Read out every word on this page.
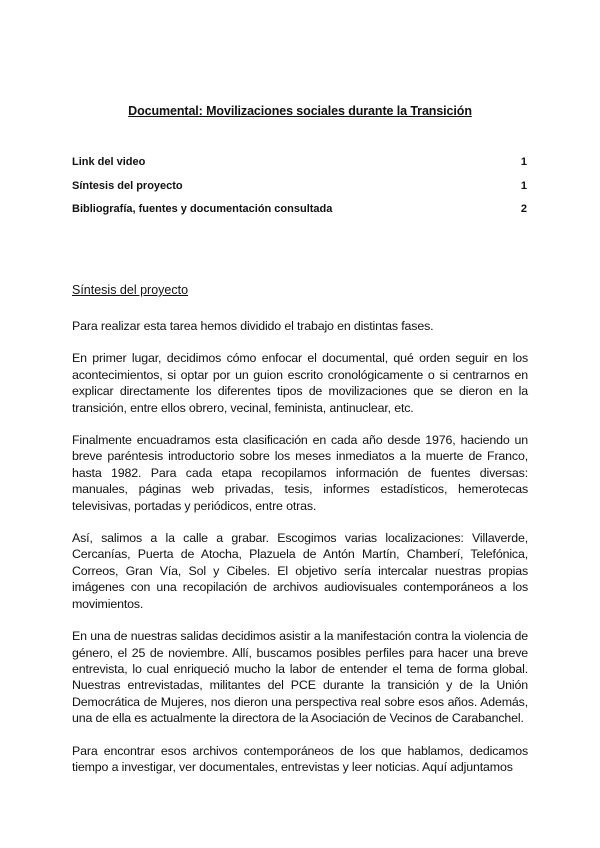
Documental: Movilizaciones sociales durante la Transición
Link del video	1
Síntesis del proyecto	1
Bibliografía, fuentes y documentación consultada	2
Síntesis del proyecto

Para realizar esta tarea hemos dividido el trabajo en distintas fases.

En primer lugar, decidimos cómo enfocar el documental, qué orden seguir en los acontecimientos, si optar por un guion escrito cronológicamente o si centrarnos en explicar directamente los diferentes tipos de movilizaciones que se dieron en la transición, entre ellos obrero, vecinal, feminista, antinuclear, etc.

Finalmente encuadramos esta clasificación en cada año desde 1976, haciendo un breve paréntesis introductorio sobre los meses inmediatos a la muerte de Franco, hasta 1982. Para cada etapa recopilamos información de fuentes diversas: manuales, páginas web privadas, tesis, informes estadísticos, hemerotecas televisivas, portadas y periódicos, entre otras.

Así, salimos a la calle a grabar. Escogimos varias localizaciones: Villaverde, Cercanías, Puerta de Atocha, Plazuela de Antón Martín, Chamberí, Telefónica, Correos, Gran Vía, Sol y Cibeles. El objetivo sería intercalar nuestras propias imágenes con una recopilación de archivos audiovisuales contemporáneos a los movimientos.

En una de nuestras salidas decidimos asistir a la manifestación contra la violencia de género, el 25 de noviembre. Allí, buscamos posibles perfiles para hacer una breve entrevista, lo cual enriqueció mucho la labor de entender el tema de forma global. Nuestras entrevistadas, militantes del PCE durante la transición y de la Unión Democrática de Mujeres, nos dieron una perspectiva real sobre esos años. Además, una de ella es actualmente la directora de la Asociación de Vecinos de Carabanchel.

Para encontrar esos archivos contemporáneos de los que hablamos, dedicamos tiempo a investigar, ver documentales, entrevistas y leer noticias. Aquí adjuntamos
